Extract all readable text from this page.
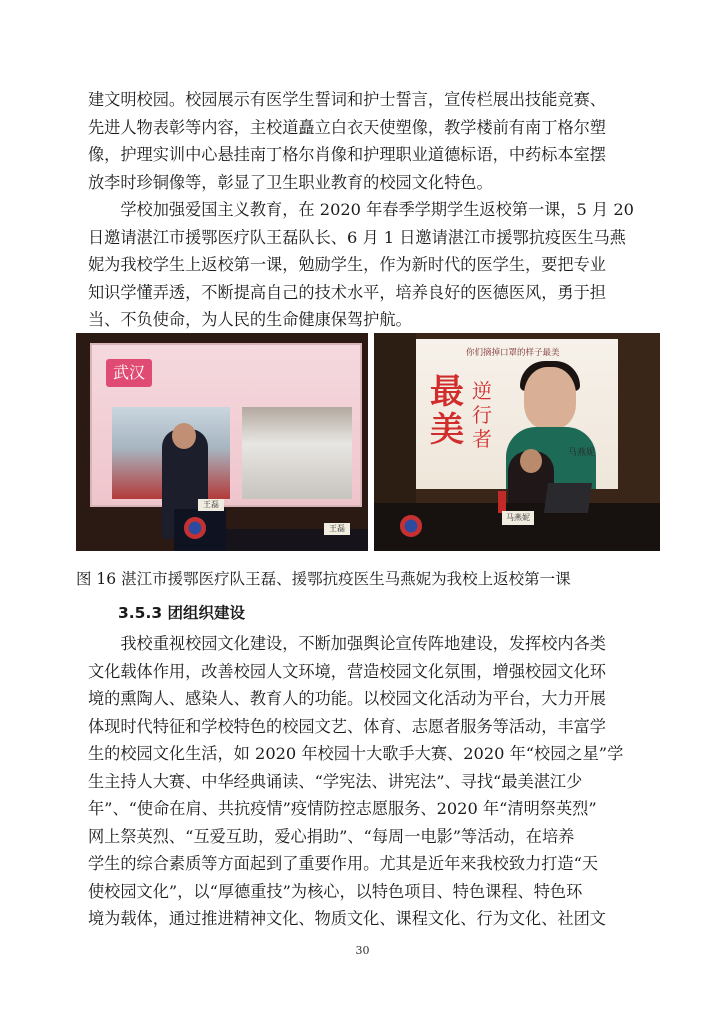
建文明校园。校园展示有医学生誓词和护士誓言，宣传栏展出技能竞赛、
先进人物表彰等内容，主校道矗立白衣天使塑像，教学楼前有南丁格尔塑
像，护理实训中心悬挂南丁格尔肖像和护理职业道德标语，中药标本室摆
放李时珍铜像等，彰显了卫生职业教育的校园文化特色。

　　学校加强爱国主义教育，在 2020 年春季学期学生返校第一课，5 月 20
日邀请湛江市援鄂医疗队王磊队长、6 月 1 日邀请湛江市援鄂抗疫医生马燕
妮为我校学生上返校第一课，勉励学生，作为新时代的医学生，要把专业
知识学懂弄透，不断提高自己的技术水平，培养良好的医德医风，勇于担
当、不负使命，为人民的生命健康保驾护航。

武汉
王磊
王磊
你们摘掉口罩的样子最美
最美
逆行者
马燕妮
马燕妮
图 16 湛江市援鄂医疗队王磊、援鄂抗疫医生马燕妮为我校上返校第一课
3.5.3 团组织建设

　　我校重视校园文化建设，不断加强舆论宣传阵地建设，发挥校内各类
文化载体作用，改善校园人文环境，营造校园文化氛围，增强校园文化环
境的熏陶人、感染人、教育人的功能。以校园文化活动为平台，大力开展
体现时代特征和学校特色的校园文艺、体育、志愿者服务等活动，丰富学
生的校园文化生活，如 2020 年校园十大歌手大赛、2020 年“校园之星”学
生主持人大赛、中华经典诵读、“学宪法、讲宪法”、寻找“最美湛江少
年”、“使命在肩、共抗疫情”疫情防控志愿服务、2020 年“清明祭英烈”
网上祭英烈、“互爱互助，爱心捐助”、“每周一电影”等活动，在培养
学生的综合素质等方面起到了重要作用。尤其是近年来我校致力打造“天
使校园文化”，以“厚德重技”为核心，以特色项目、特色课程、特色环
境为载体，通过推进精神文化、物质文化、课程文化、行为文化、社团文

30
